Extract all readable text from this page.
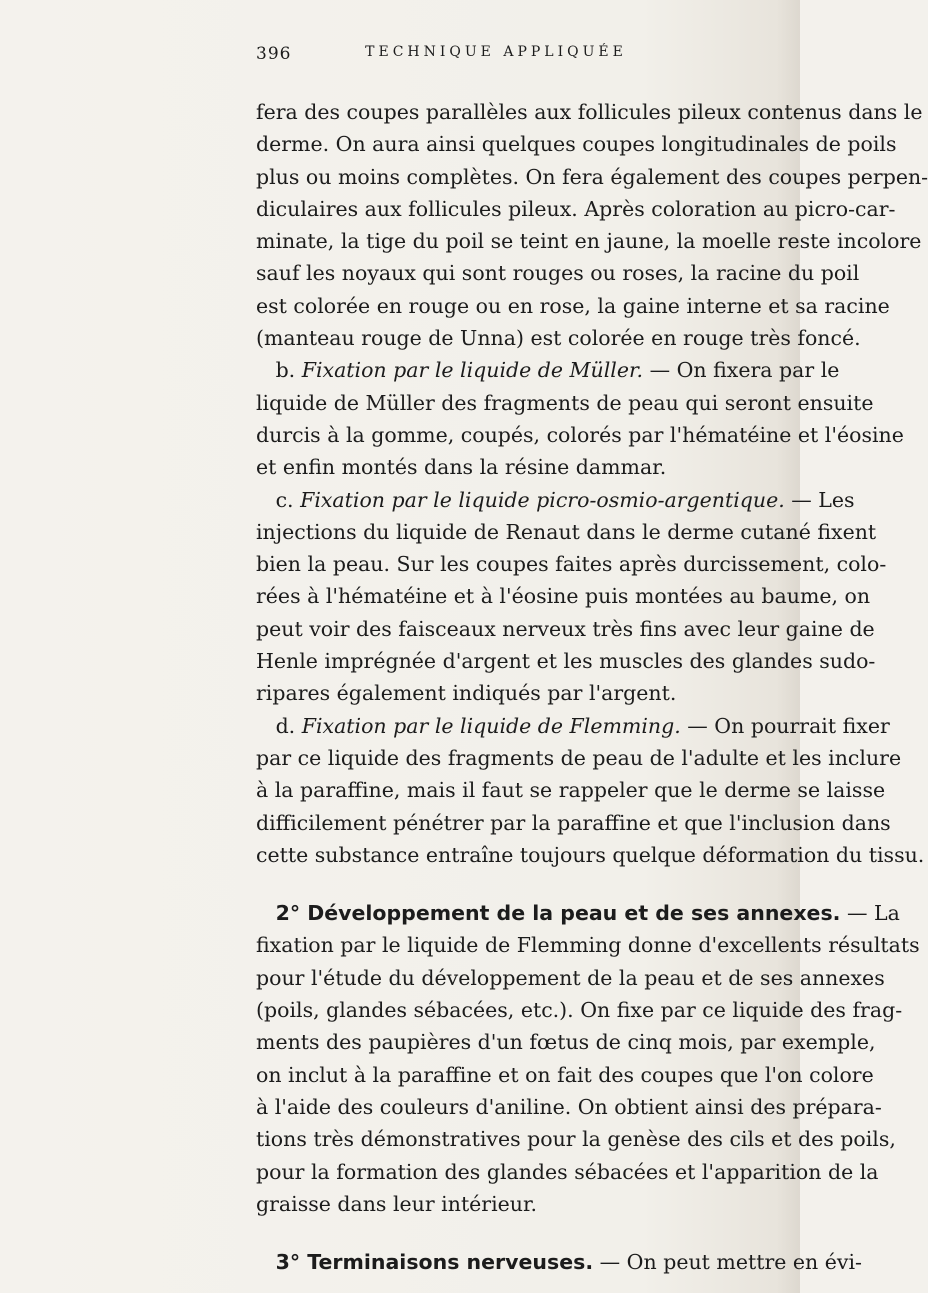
396	TECHNIQUE APPLIQUÉE
fera des coupes parallèles aux follicules pileux contenus dans le
derme. On aura ainsi quelques coupes longitudinales de poils
plus ou moins complètes. On fera également des coupes perpen-
diculaires aux follicules pileux. Après coloration au picro-car-
minate, la tige du poil se teint en jaune, la moelle reste incolore
sauf les noyaux qui sont rouges ou roses, la racine du poil
est colorée en rouge ou en rose, la gaine interne et sa racine
(manteau rouge de Unna) est colorée en rouge très foncé.
b. Fixation par le liquide de Müller. — On fixera par le
liquide de Müller des fragments de peau qui seront ensuite
durcis à la gomme, coupés, colorés par l'hématéine et l'éosine
et enfin montés dans la résine dammar.
c. Fixation par le liquide picro-osmio-argentique. — Les
injections du liquide de Renaut dans le derme cutané fixent
bien la peau. Sur les coupes faites après durcissement, colo-
rées à l'hématéine et à l'éosine puis montées au baume, on
peut voir des faisceaux nerveux très fins avec leur gaine de
Henle imprégnée d'argent et les muscles des glandes sudo-
ripares également indiqués par l'argent.
d. Fixation par le liquide de Flemming. — On pourrait fixer
par ce liquide des fragments de peau de l'adulte et les inclure
à la paraffine, mais il faut se rappeler que le derme se laisse
difficilement pénétrer par la paraffine et que l'inclusion dans
cette substance entraîne toujours quelque déformation du tissu.
2° Développement de la peau et de ses annexes. — La
fixation par le liquide de Flemming donne d'excellents résultats
pour l'étude du développement de la peau et de ses annexes
(poils, glandes sébacées, etc.). On fixe par ce liquide des frag-
ments des paupières d'un fœtus de cinq mois, par exemple,
on inclut à la paraffine et on fait des coupes que l'on colore
à l'aide des couleurs d'aniline. On obtient ainsi des prépara-
tions très démonstratives pour la genèse des cils et des poils,
pour la formation des glandes sébacées et l'apparition de la
graisse dans leur intérieur.
3° Terminaisons nerveuses. — On peut mettre en évi-
